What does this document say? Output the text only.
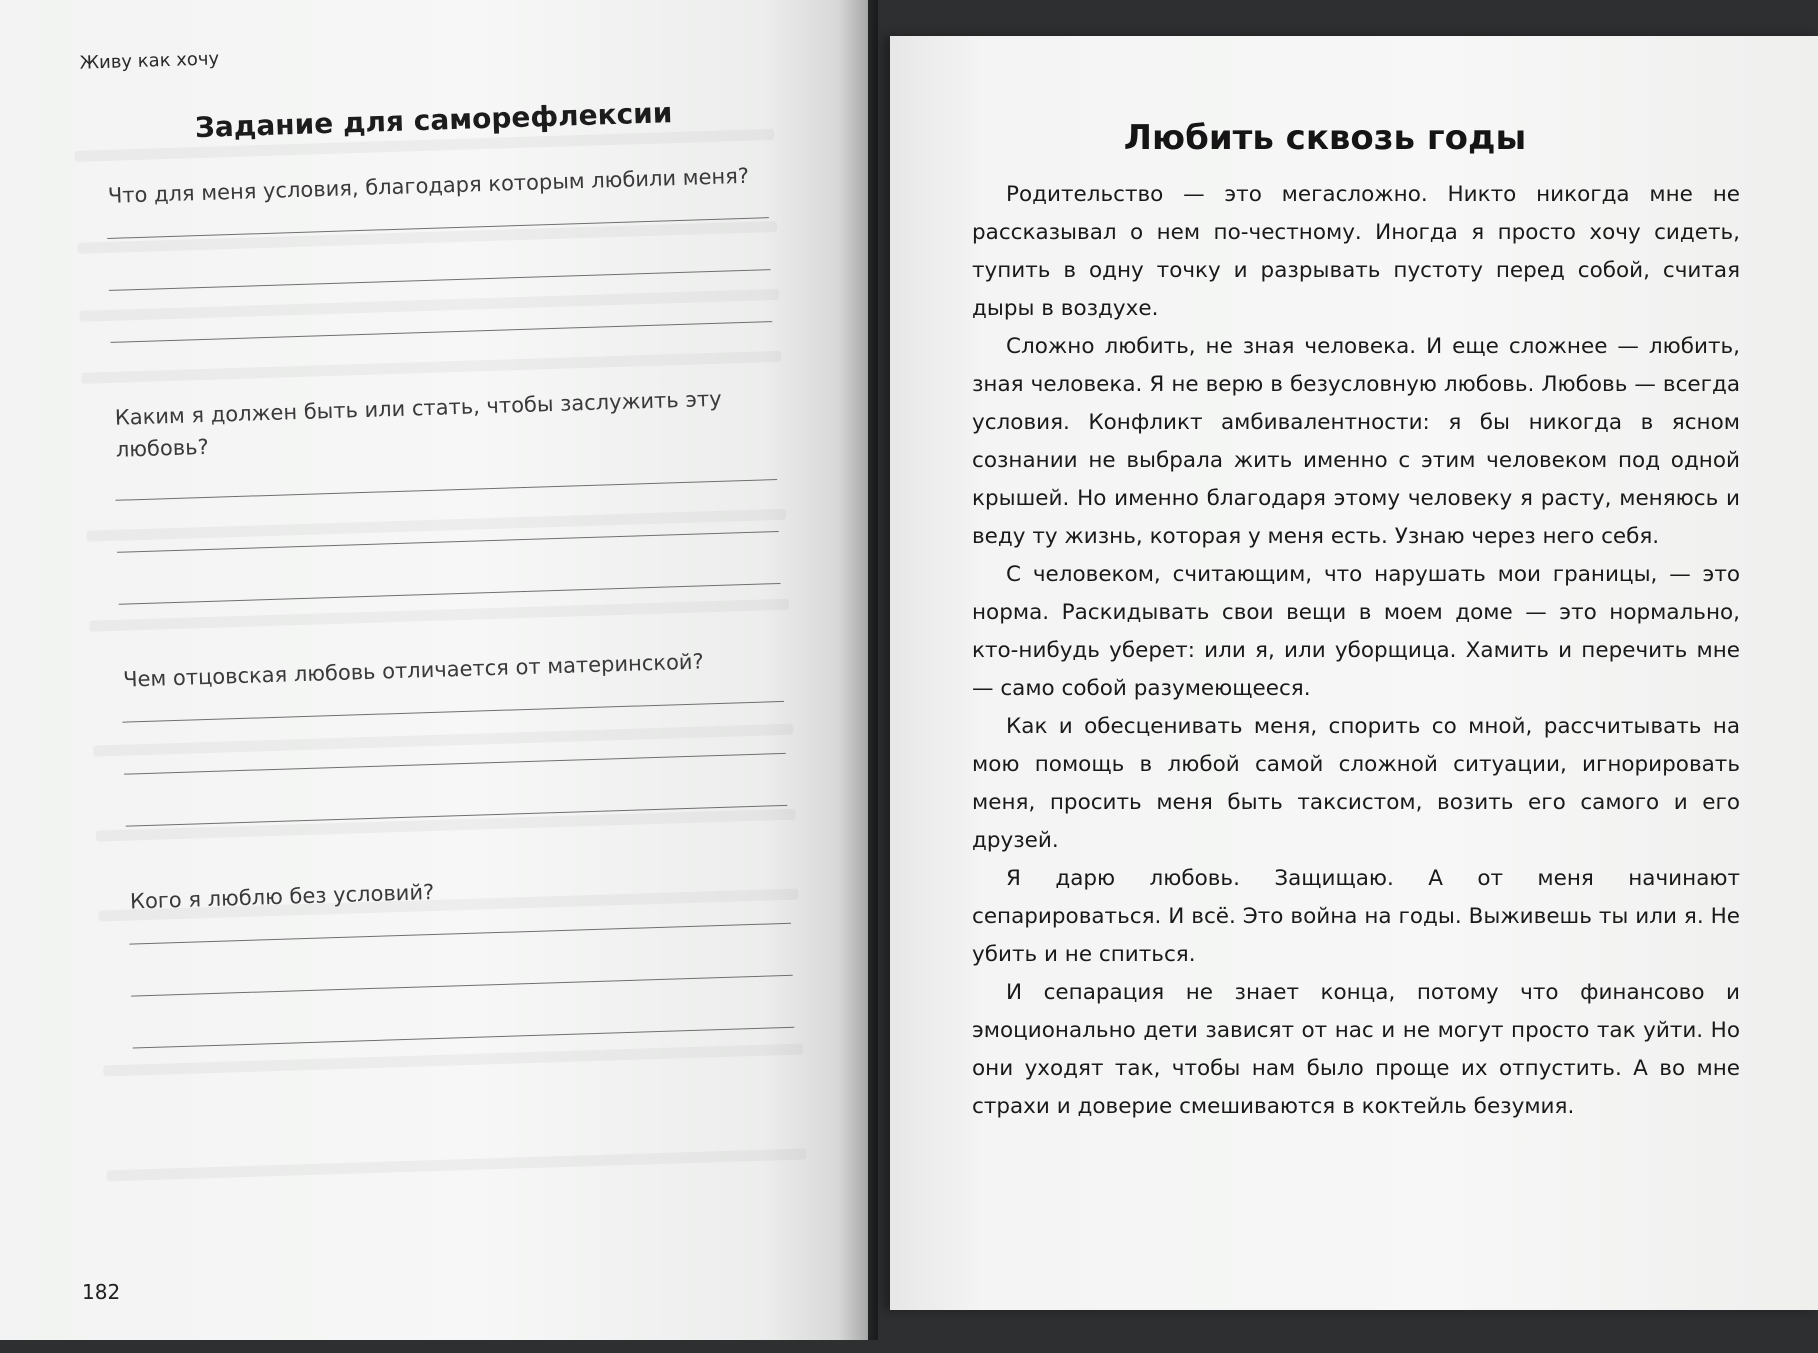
Живу как хочу
Задание для саморефлексии
Что для меня условия, благодаря которым любили меня?
Каким я должен быть или стать, чтобы заслужить эту любовь?
Чем отцовская любовь отличается от материнской?
Кого я люблю без условий?
182
Любить сквозь годы

Родительство — это мегасложно. Никто никогда мне не рассказывал о нем по-честному. Иногда я просто хочу сидеть, тупить в одну точку и разрывать пустоту перед собой, считая дыры в воздухе.

Сложно любить, не зная человека. И еще сложнее — любить, зная человека. Я не верю в безусловную любовь. Любовь — всегда условия. Конфликт амбивалентности: я бы никогда в ясном сознании не выбрала жить именно с этим человеком под одной крышей. Но именно благодаря этому человеку я расту, меняюсь и веду ту жизнь, которая у меня есть. Узнаю через него себя.

С человеком, считающим, что нарушать мои границы, — это норма. Раскидывать свои вещи в моем доме — это нормально, кто-нибудь уберет: или я, или уборщица. Хамить и перечить мне — само собой разумеющееся.

Как и обесценивать меня, спорить со мной, рассчитывать на мою помощь в любой самой сложной ситуации, игнорировать меня, просить меня быть таксистом, возить его самого и его друзей.

Я дарю любовь. Защищаю. А от меня начинают сепарироваться. И всё. Это война на годы. Выживешь ты или я. Не убить и не спиться.

И сепарация не знает конца, потому что финансово и эмоционально дети зависят от нас и не могут просто так уйти. Но они уходят так, чтобы нам было проще их отпустить. А во мне страхи и доверие смешиваются в коктейль безумия.
